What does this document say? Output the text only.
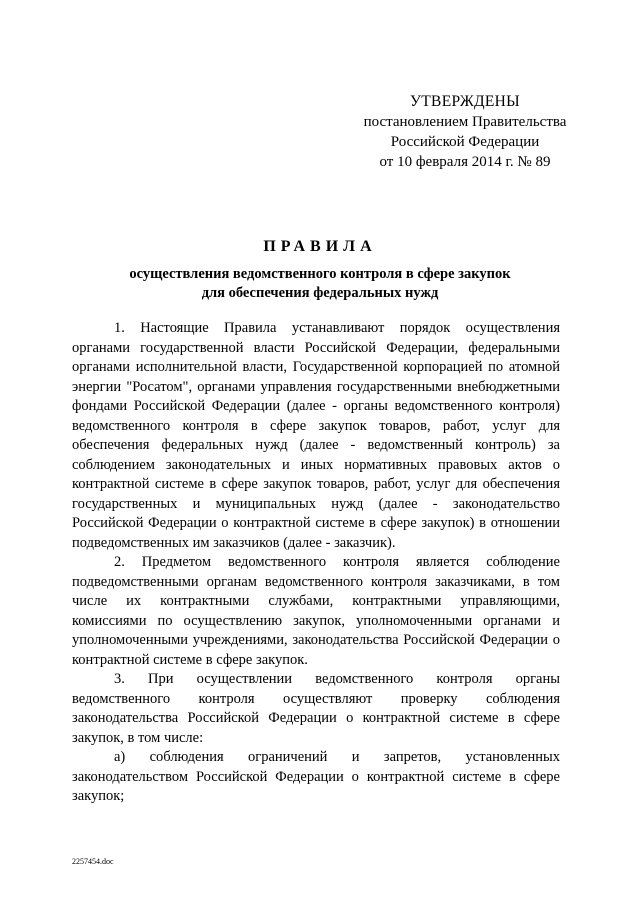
УТВЕРЖДЕНЫ
постановлением Правительства
Российской Федерации
от 10 февраля 2014 г. № 89
ПРАВИЛА
осуществления ведомственного контроля в сфере закупок
для обеспечения федеральных нужд

1. Настоящие Правила устанавливают порядок осуществления органами государственной власти Российской Федерации, федеральными органами исполнительной власти, Государственной корпорацией по атомной энергии "Росатом", органами управления государственными внебюджетными фондами Российской Федерации (далее - органы ведомственного контроля) ведомственного контроля в сфере закупок товаров, работ, услуг для обеспечения федеральных нужд (далее - ведомственный контроль) за соблюдением законодательных и иных нормативных правовых актов о контрактной системе в сфере закупок товаров, работ, услуг для обеспечения государственных и муниципальных нужд (далее - законодательство Российской Федерации о контрактной системе в сфере закупок) в отношении подведомственных им заказчиков (далее - заказчик).

2. Предметом ведомственного контроля является соблюдение подведомственными органам ведомственного контроля заказчиками, в том числе их контрактными службами, контрактными управляющими, комиссиями по осуществлению закупок, уполномоченными органами и уполномоченными учреждениями, законодательства Российской Федерации о контрактной системе в сфере закупок.

3. При осуществлении ведомственного контроля органы ведомственного контроля осуществляют проверку соблюдения законодательства Российской Федерации о контрактной системе в сфере закупок, в том числе:

а) соблюдения ограничений и запретов, установленных законодательством Российской Федерации о контрактной системе в сфере закупок;

2257454.doc
